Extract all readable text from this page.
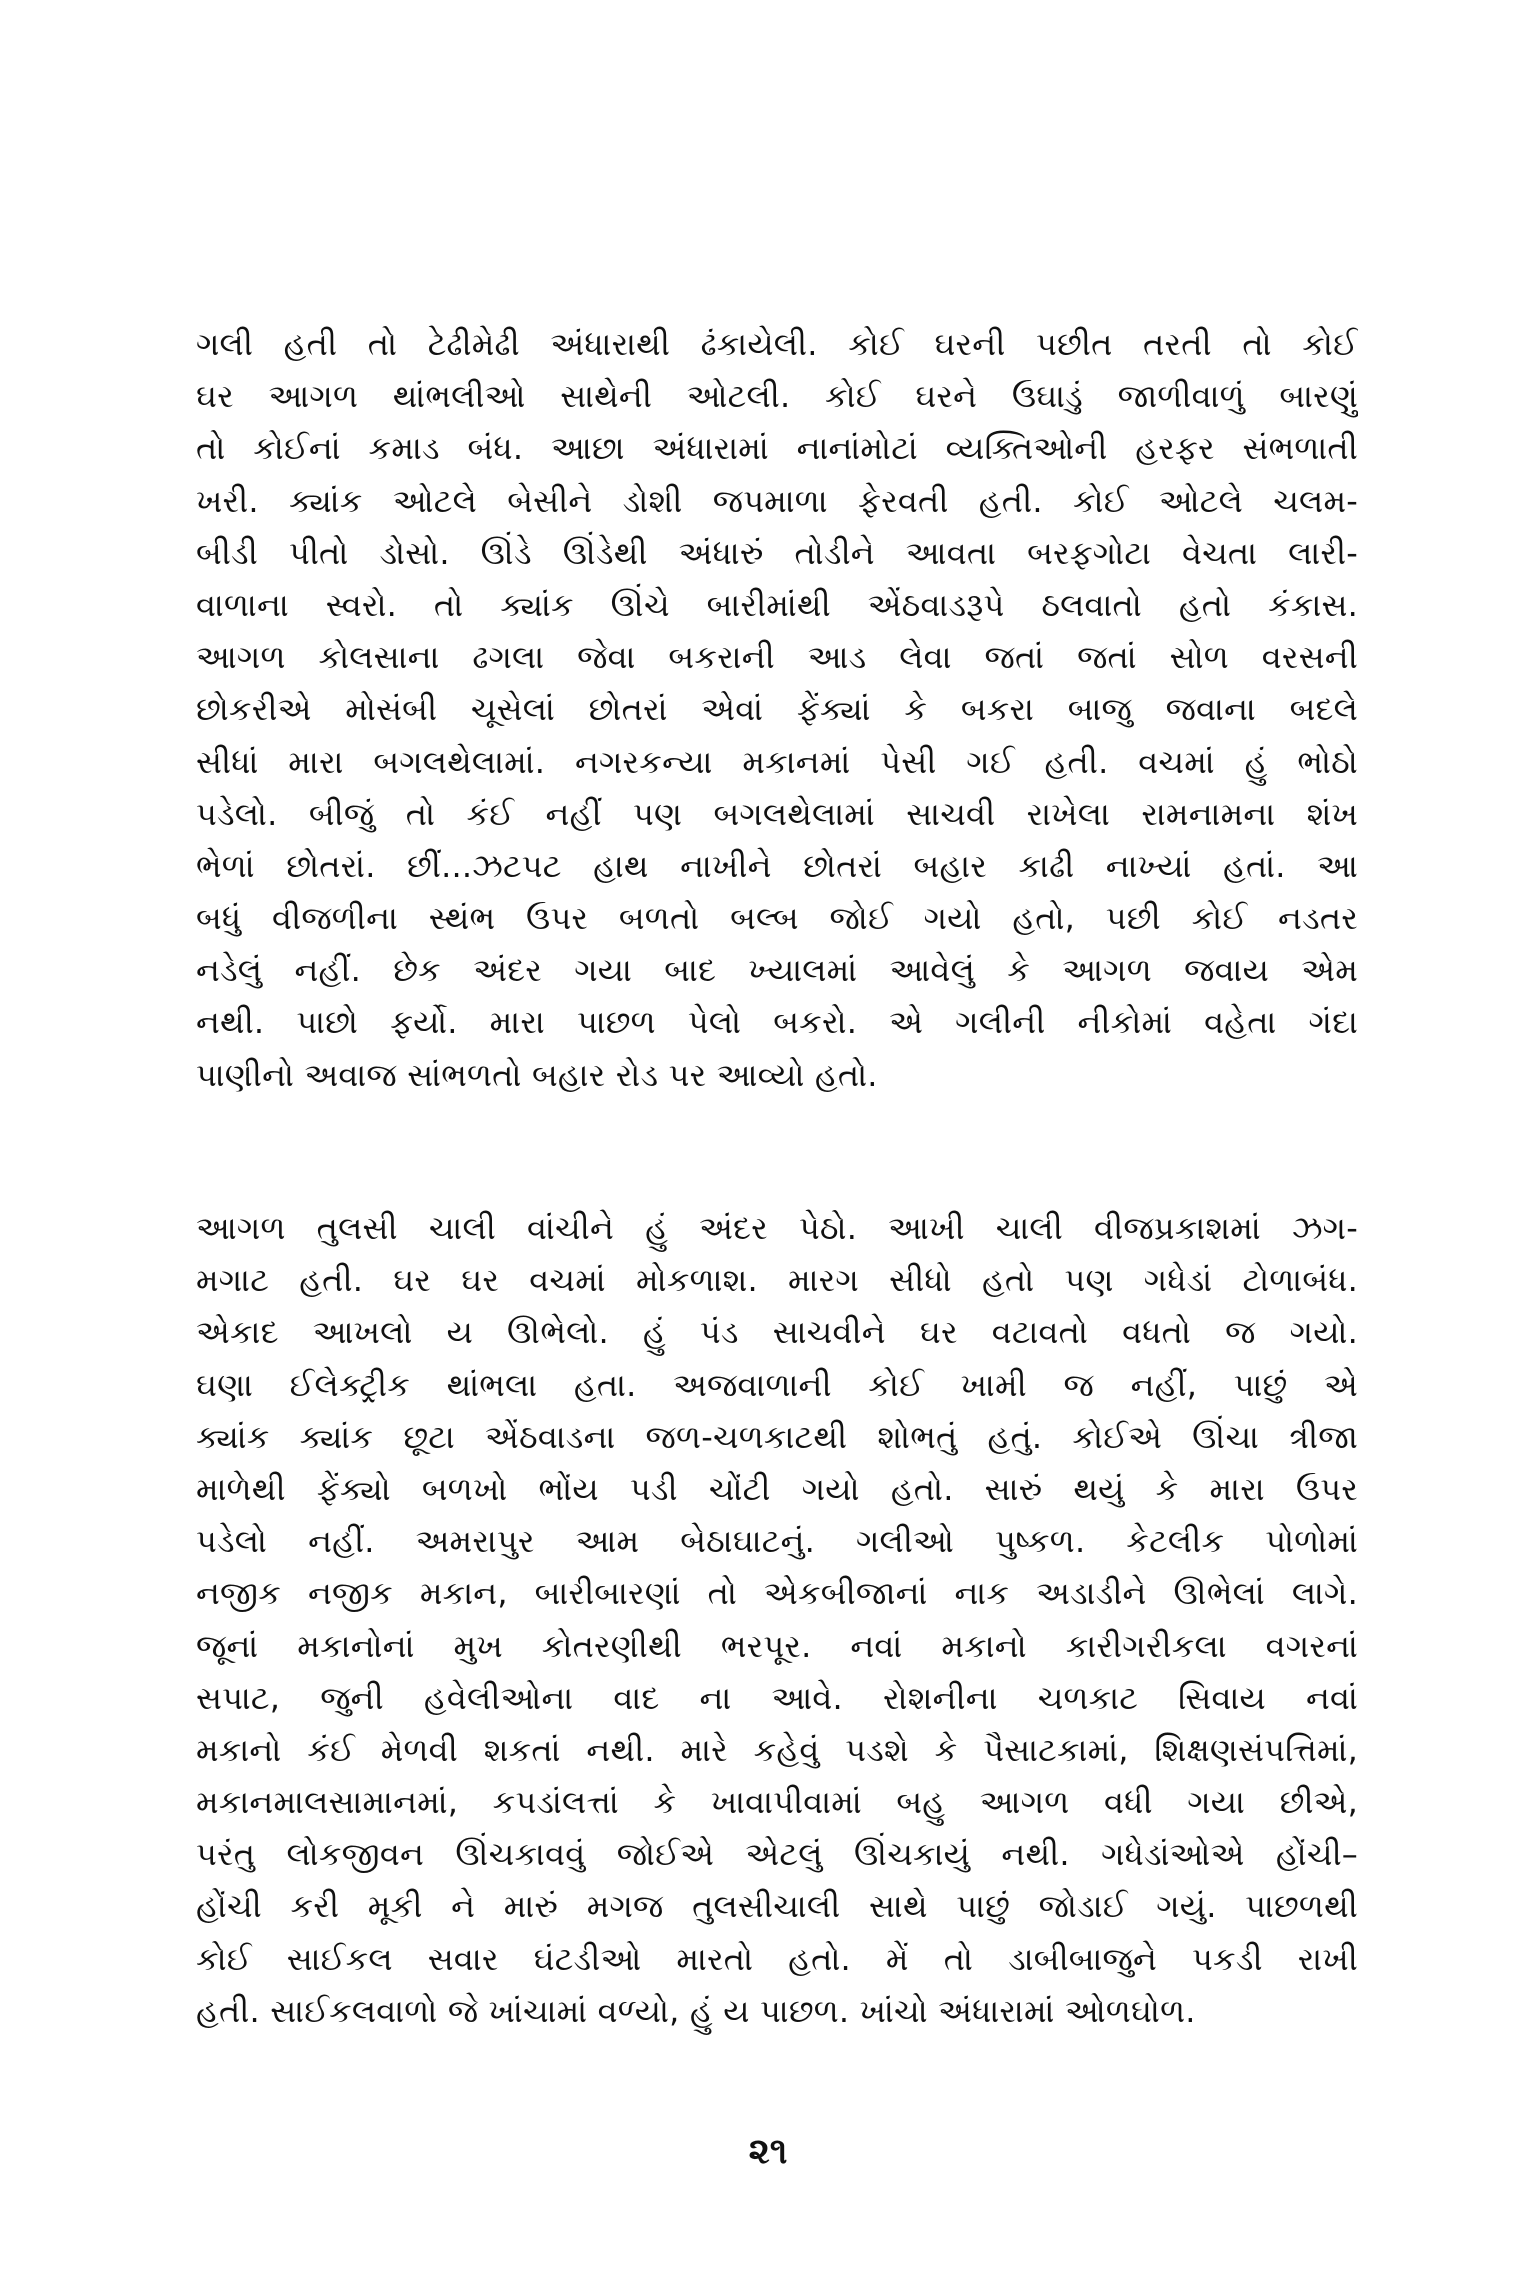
ગલી હતી તો ટેઢીમેઢી અંધારાથી ઢંકાયેલી. કોઈ ઘરની પછીત તરતી તો કોઈ
ઘર આગળ થાંભલીઓ સાથેની ઓટલી. કોઈ ઘરને ઉઘાડું જાળીવાળું બારણું
તો કોઈનાં કમાડ બંધ. આછા અંધારામાં નાનાંમોટાં વ્યક્તિઓની હરફર સંભળાતી
ખરી. ક્યાંક ઓટલે બેસીને ડોશી જપમાળા ફેરવતી હતી. કોઈ ઓટલે ચલમ-
બીડી પીતો ડોસો. ઊંડે ઊંડેથી અંધારું તોડીને આવતા બરફગોટા વેચતા લારી-
વાળાના સ્વરો. તો ક્યાંક ઊંચે બારીમાંથી એંઠવાડરૂપે ઠલવાતો હતો કંકાસ.
આગળ કોલસાના ઢગલા જેવા બકરાની આડ લેવા જતાં જતાં સોળ વરસની
છોકરીએ મોસંબી ચૂસેલાં છોતરાં એવાં ફેંક્યાં કે બકરા બાજુ જવાના બદલે
સીધાં મારા બગલથેલામાં. નગરકન્યા મકાનમાં પેસી ગઈ હતી. વચમાં હું ભોઠો
પડેલો. બીજું તો કંઈ નહીં પણ બગલથેલામાં સાચવી રાખેલા રામનામના શંખ
ભેળાં છોતરાં. છીં...ઝટપટ હાથ નાખીને છોતરાં બહાર કાઢી નાખ્યાં હતાં. આ
બધું વીજળીના સ્થંભ ઉપર બળતો બલ્બ જોઈ ગયો હતો, પછી કોઈ નડતર
નડેલું નહીં. છેક અંદર ગયા બાદ ખ્યાલમાં આવેલું કે આગળ જવાય એમ
નથી. પાછો ફર્યો. મારા પાછળ પેલો બકરો. એ ગલીની નીકોમાં વહેતા ગંદા
પાણીનો અવાજ સાંભળતો બહાર રોડ પર આવ્યો હતો.
આગળ તુલસી ચાલી વાંચીને હું અંદર પેઠો. આખી ચાલી વીજપ્રકાશમાં ઝગ-
મગાટ હતી. ઘર ઘર વચમાં મોકળાશ. મારગ સીધો હતો પણ ગધેડાં ટોળાબંધ.
એકાદ આખલો ય ઊભેલો. હું પંડ સાચવીને ઘર વટાવતો વધતો જ ગયો.
ઘણા ઈલેક્ટ્રીક થાંભલા હતા. અજવાળાની કોઈ ખામી જ નહીં, પાછું એ
ક્યાંક ક્યાંક છૂટા એંઠવાડના જળ-ચળકાટથી શોભતું હતું. કોઈએ ઊંચા ત્રીજા
માળેથી ફેંક્યો બળખો ભોંય પડી ચોંટી ગયો હતો. સારું થયું કે મારા ઉપર
પડેલો નહીં. અમરાપુર આમ બેઠાઘાટનું. ગલીઓ પુષ્કળ. કેટલીક પોળોમાં
નજીક નજીક મકાન, બારીબારણાં તો એકબીજાનાં નાક અડાડીને ઊભેલાં લાગે.
જૂનાં મકાનોનાં મુખ કોતરણીથી ભરપૂર. નવાં મકાનો કારીગરીકલા વગરનાં
સપાટ, જુની હવેલીઓના વાદ ના આવે. રોશનીના ચળકાટ સિવાય નવાં
મકાનો કંઈ મેળવી શકતાં નથી. મારે કહેવું પડશે કે પૈસાટકામાં, શિક્ષણસંપત્તિમાં,
મકાનમાલસામાનમાં, કપડાંલત્તાં કે ખાવાપીવામાં બહુ આગળ વધી ગયા છીએ,
પરંતુ લોકજીવન ઊંચકાવવું જોઈએ એટલું ઊંચકાયું નથી. ગધેડાંઓએ હોંચી–
હોંચી કરી મૂકી ને મારું મગજ તુલસીચાલી સાથે પાછું જોડાઈ ગયું. પાછળથી
કોઈ સાઈકલ સવાર ઘંટડીઓ મારતો હતો. મેં તો ડાબીબાજુને પકડી રાખી
હતી. સાઈકલવાળો જે ખાંચામાં વળ્યો, હું ય પાછળ. ખાંચો અંધારામાં ઓળઘોળ.
૨૧
